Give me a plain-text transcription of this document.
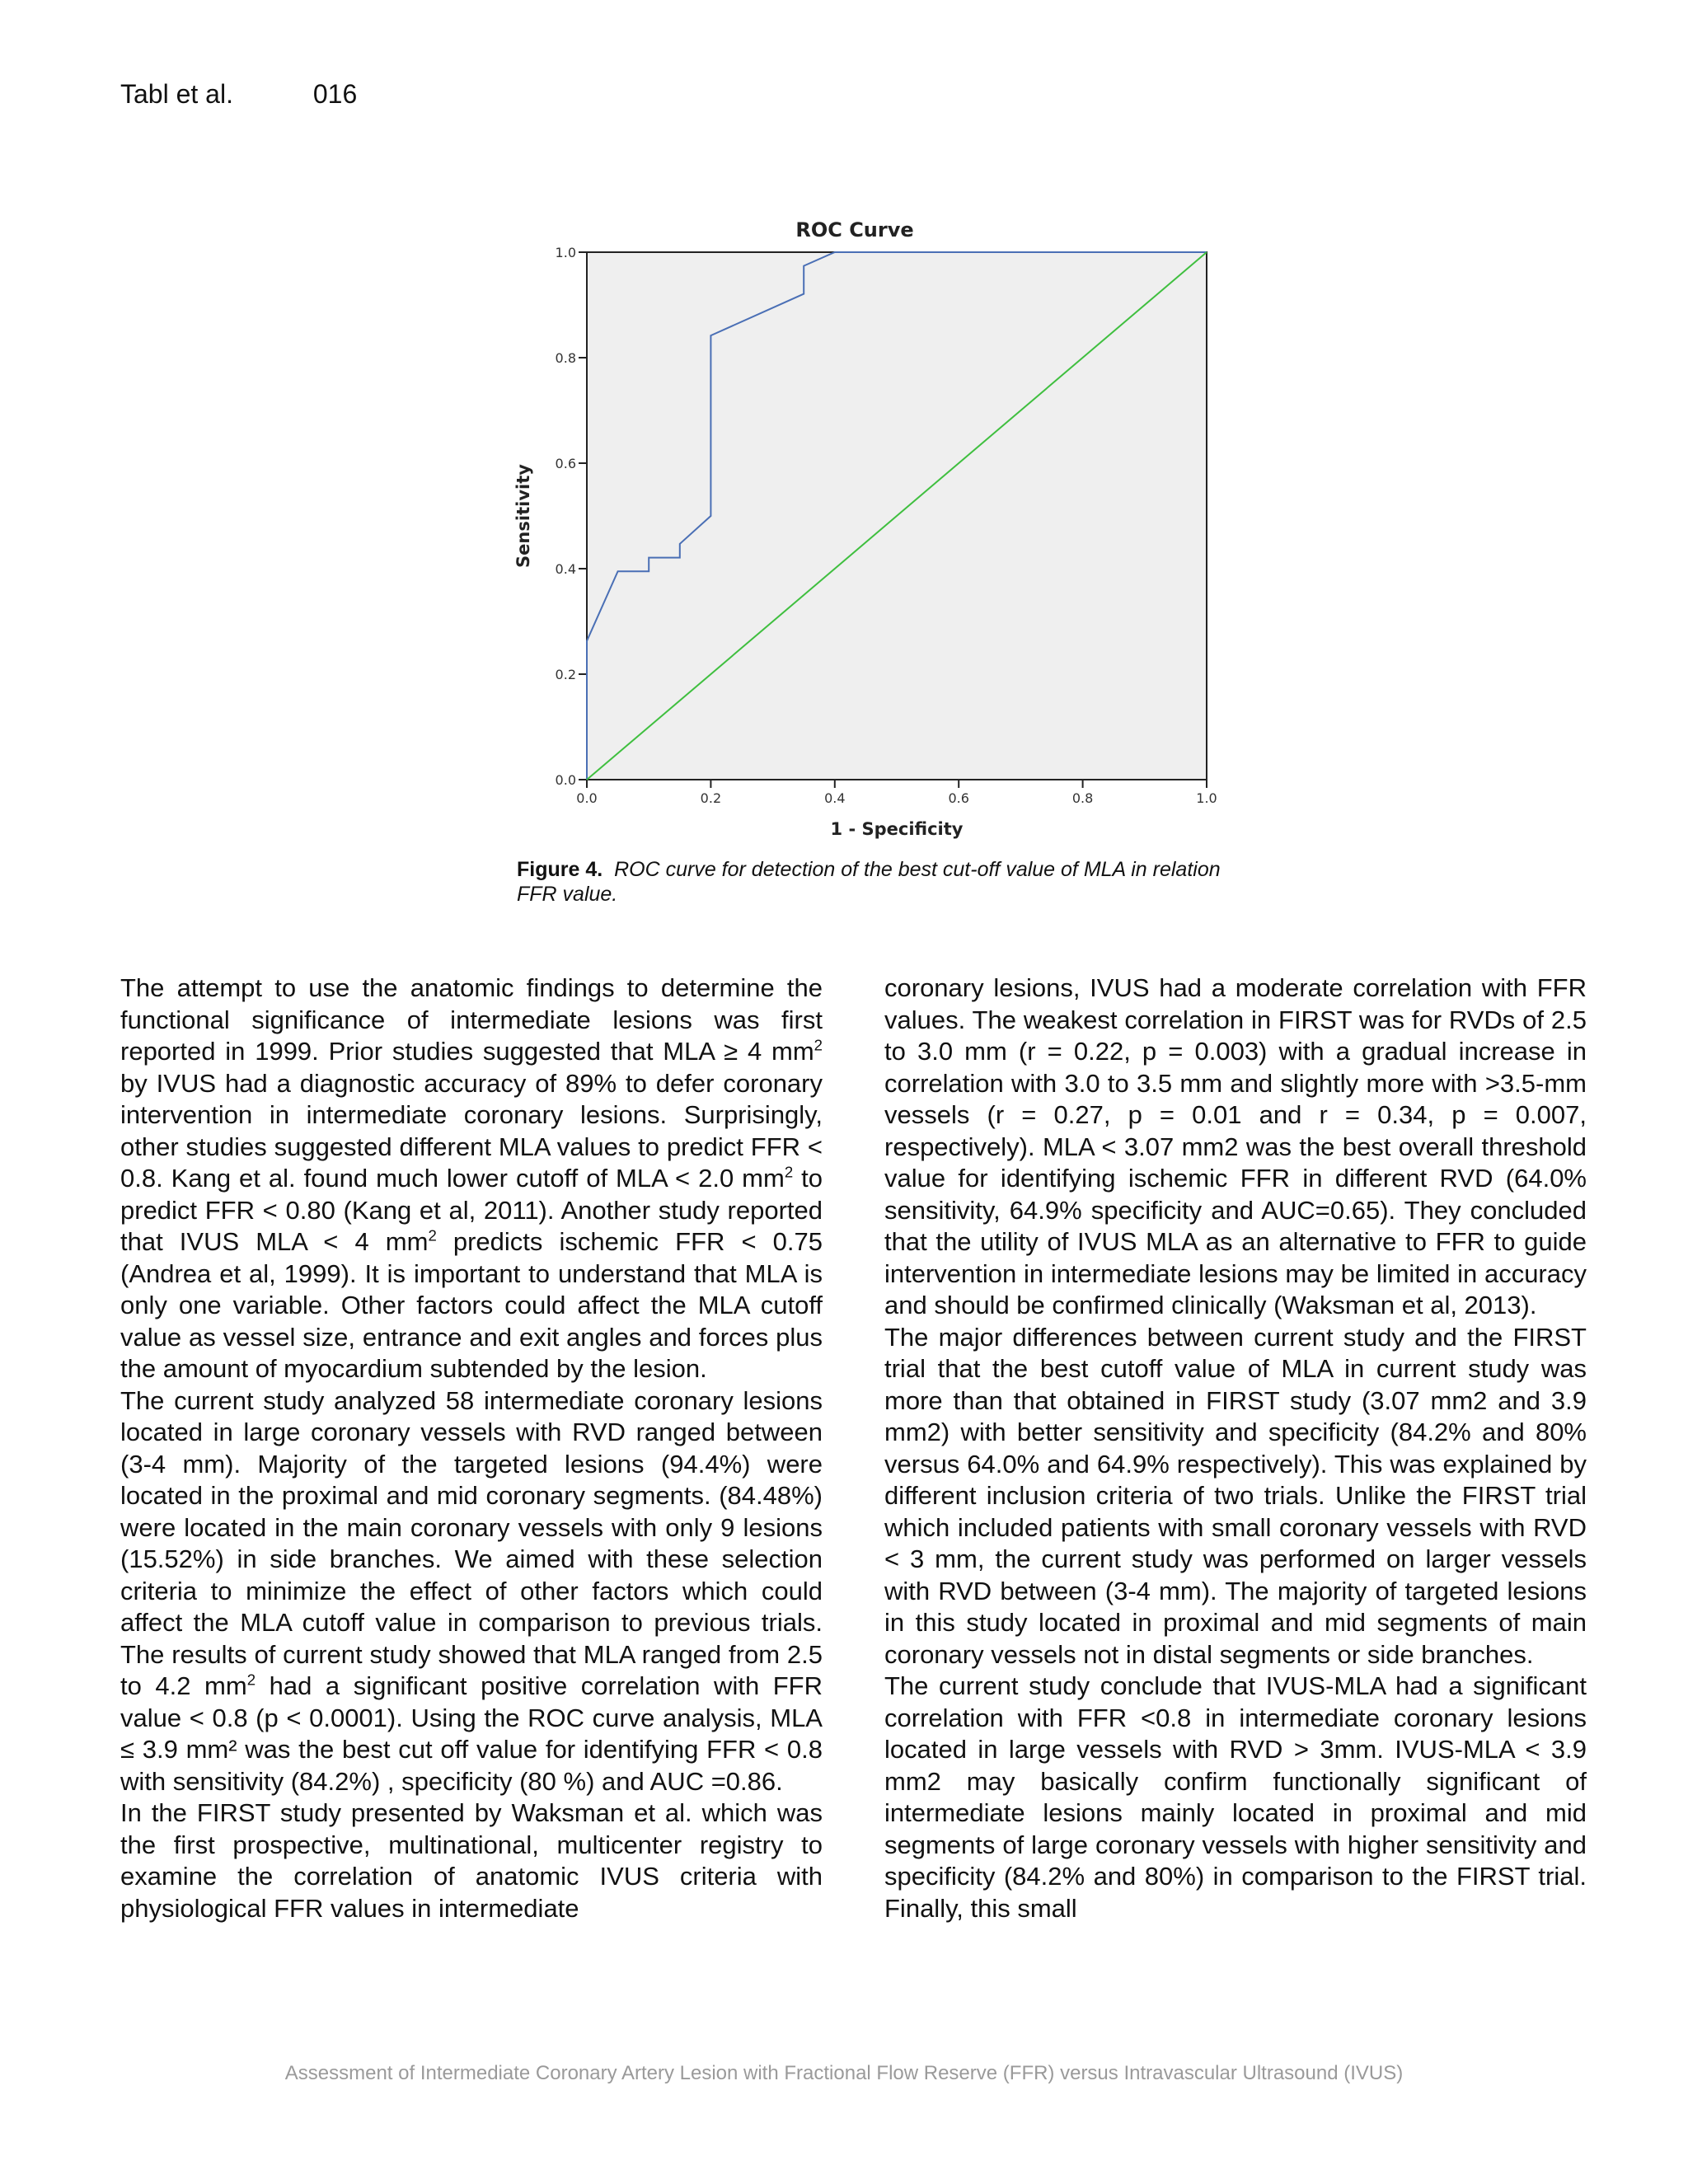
Tabl et al.	016
ROC Curve
0.0
0.2
0.4
0.6
0.8
1.0
0.0	0.2	0.4	0.6	0.8	1.0
1 - Specificity
Sensitivity
Figure 4. ROC curve for detection of the best cut-off value of MLA in relation FFR value.

The attempt to use the anatomic findings to determine the functional significance of intermediate lesions was first reported in 1999. Prior studies suggested that MLA ≥ 4 $mm^2$ by IVUS had a diagnostic accuracy of 89% to defer coronary intervention in intermediate coronary lesions. Surprisingly, other studies suggested different MLA values to predict FFR < 0.8. Kang et al. found much lower cutoff of MLA < 2.0 $mm^2$ to predict FFR < 0.80 (Kang et al, 2011). Another study reported that IVUS MLA < 4 $mm^2$ predicts ischemic FFR < 0.75 (Andrea et al, 1999). It is important to understand that MLA is only one variable. Other factors could affect the MLA cutoff value as vessel size, entrance and exit angles and forces plus the amount of myocardium subtended by the lesion.

The current study analyzed 58 intermediate coronary lesions located in large coronary vessels with RVD ranged between (3-4 mm). Majority of the targeted lesions (94.4%) were located in the proximal and mid coronary segments. (84.48%) were located in the main coronary vessels with only 9 lesions (15.52%) in side branches. We aimed with these selection criteria to minimize the effect of other factors which could affect the MLA cutoff value in comparison to previous trials. The results of current study showed that MLA ranged from 2.5 to 4.2 $mm^2$ had a significant positive correlation with FFR value < 0.8 (p < 0.0001). Using the ROC curve analysis, MLA ≤ 3.9 mm² was the best cut off value for identifying FFR < 0.8 with sensitivity (84.2%) , specificity (80 %) and AUC =0.86.

In the FIRST study presented by Waksman et al. which was the first prospective, multinational, multicenter registry to examine the correlation of anatomic IVUS criteria with physiological FFR values in intermediate

coronary lesions, IVUS had a moderate correlation with FFR values. The weakest correlation in FIRST was for RVDs of 2.5 to 3.0 mm (r = 0.22, p = 0.003) with a gradual increase in correlation with 3.0 to 3.5 mm and slightly more with >3.5-mm vessels (r = 0.27, p = 0.01 and r = 0.34, p = 0.007, respectively). MLA < 3.07 mm2 was the best overall threshold value for identifying ischemic FFR in different RVD (64.0% sensitivity, 64.9% specificity and AUC=0.65). They concluded that the utility of IVUS MLA as an alternative to FFR to guide intervention in intermediate lesions may be limited in accuracy and should be confirmed clinically (Waksman et al, 2013).

The major differences between current study and the FIRST trial that the best cutoff value of MLA in current study was more than that obtained in FIRST study (3.07 mm2 and 3.9 mm2) with better sensitivity and specificity (84.2% and 80% versus 64.0% and 64.9% respectively). This was explained by different inclusion criteria of two trials. Unlike the FIRST trial which included patients with small coronary vessels with RVD < 3 mm, the current study was performed on larger vessels with RVD between (3-4 mm). The majority of targeted lesions in this study located in proximal and mid segments of main coronary vessels not in distal segments or side branches.

The current study conclude that IVUS-MLA had a significant correlation with FFR <0.8 in intermediate coronary lesions located in large vessels with RVD > 3mm. IVUS-MLA < 3.9 mm2 may basically confirm functionally significant of intermediate lesions mainly located in proximal and mid segments of large coronary vessels with higher sensitivity and specificity (84.2% and 80%) in comparison to the FIRST trial. Finally, this small

Assessment of Intermediate Coronary Artery Lesion with Fractional Flow Reserve (FFR) versus Intravascular Ultrasound (IVUS)
